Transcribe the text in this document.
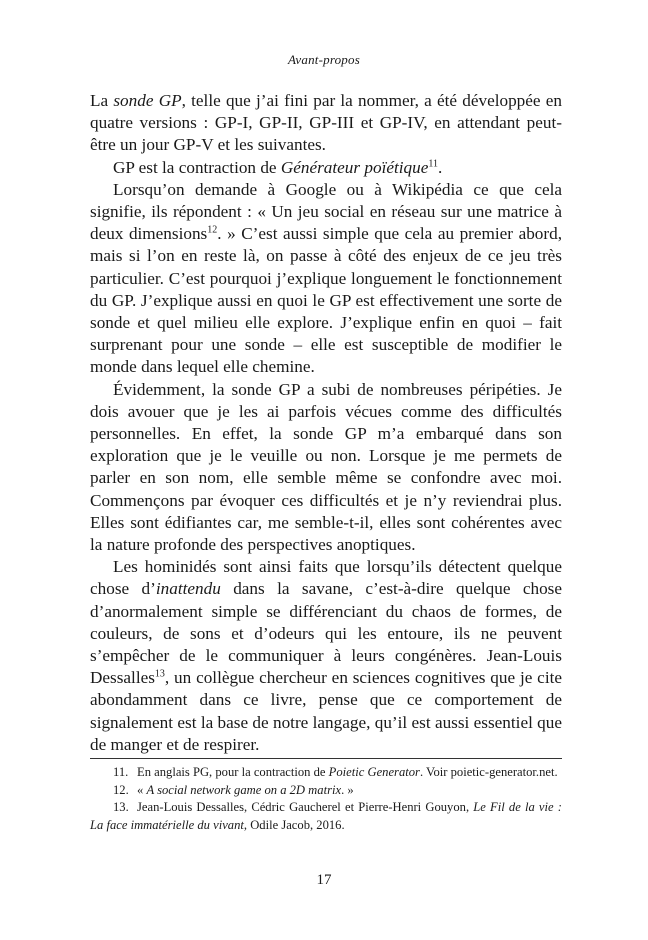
Avant-propos

La sonde GP, telle que j’ai fini par la nommer, a été développée en quatre versions : GP-I, GP-II, GP-III et GP-IV, en attendant peut-être un jour GP-V et les suivantes.

GP est la contraction de Générateur poïétique$^{11}$.

Lorsqu’on demande à Google ou à Wikipédia ce que cela signifie, ils répondent : « Un jeu social en réseau sur une matrice à deux dimensions$^{12}$. » C’est aussi simple que cela au premier abord, mais si l’on en reste là, on passe à côté des enjeux de ce jeu très particulier. C’est pourquoi j’explique longuement le fonctionnement du GP. J’explique aussi en quoi le GP est effectivement une sorte de sonde et quel milieu elle explore. J’explique enfin en quoi – fait surprenant pour une sonde – elle est susceptible de modifier le monde dans lequel elle chemine.

Évidemment, la sonde GP a subi de nombreuses péripéties. Je dois avouer que je les ai parfois vécues comme des difficultés personnelles. En effet, la sonde GP m’a embarqué dans son exploration que je le veuille ou non. Lorsque je me permets de parler en son nom, elle semble même se confondre avec moi. Commençons par évoquer ces difficultés et je n’y reviendrai plus. Elles sont édifiantes car, me semble-t-il, elles sont cohérentes avec la nature profonde des perspectives anoptiques.

Les hominidés sont ainsi faits que lorsqu’ils détectent quelque chose d’inattendu dans la savane, c’est-à-dire quelque chose d’anormalement simple se différenciant du chaos de formes, de couleurs, de sons et d’odeurs qui les entoure, ils ne peuvent s’empêcher de le communiquer à leurs congénères. Jean-Louis Dessalles$^{13}$, un collègue chercheur en sciences cognitives que je cite abondamment dans ce livre, pense que ce comportement de signalement est la base de notre langage, qu’il est aussi essentiel que de manger et de respirer.

11. En anglais PG, pour la contraction de Poietic Generator. Voir poietic-generator.net.

12. « A social network game on a 2D matrix. »

13. Jean-Louis Dessalles, Cédric Gaucherel et Pierre-Henri Gouyon, Le Fil de la vie : La face immatérielle du vivant, Odile Jacob, 2016.

17
